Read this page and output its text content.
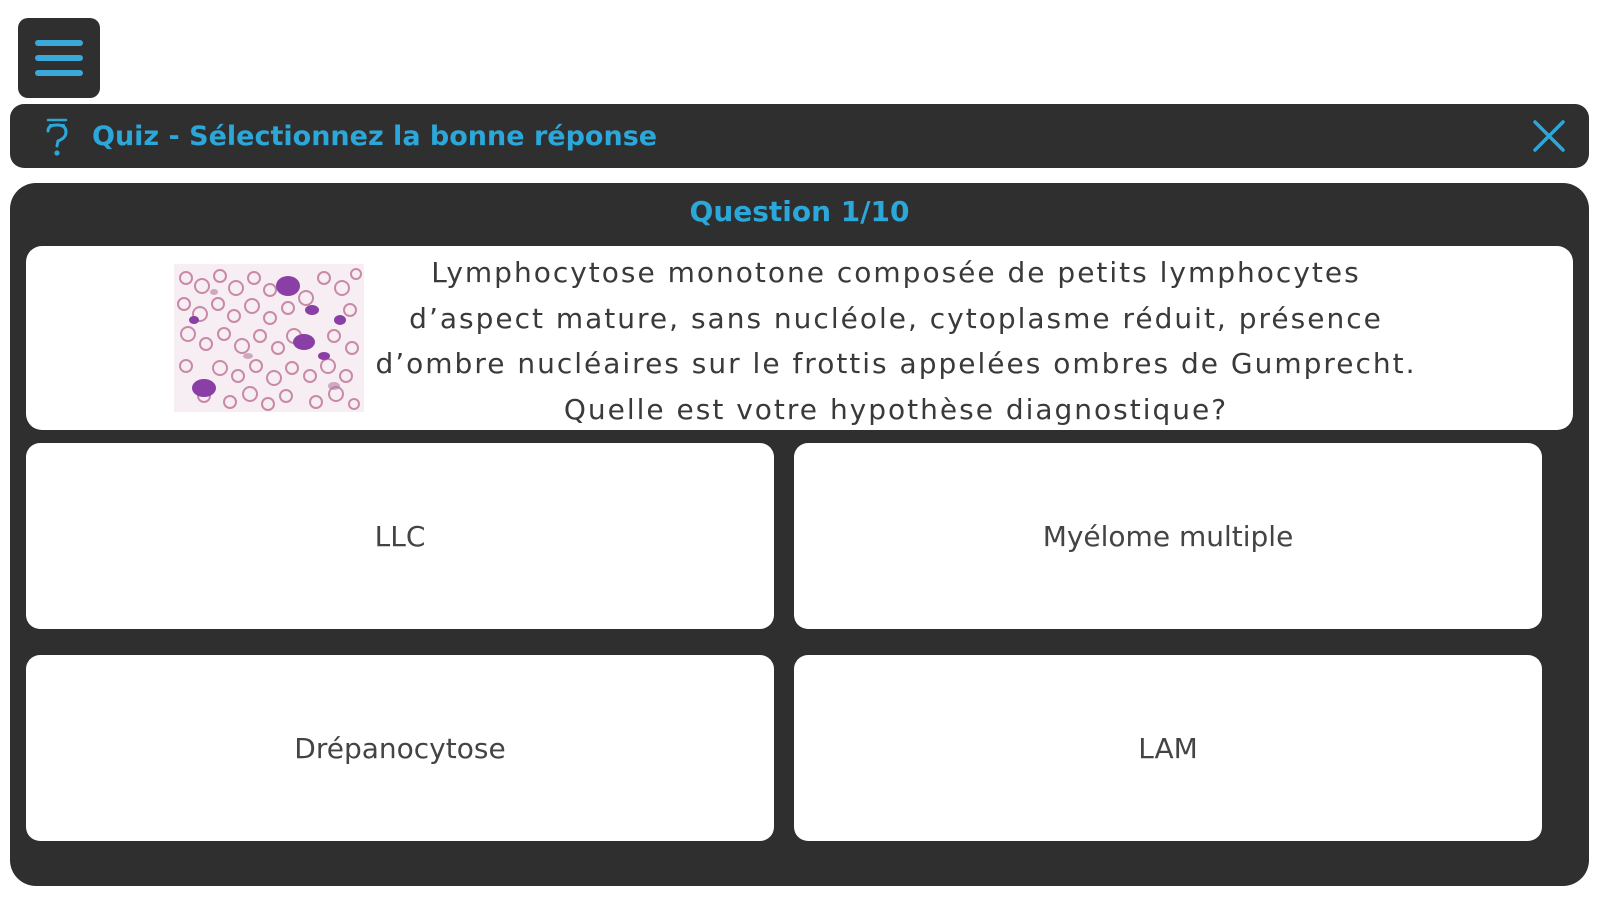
Quiz - Sélectionnez la bonne réponse
Question 1/10
Lymphocytose monotone composée de petits lymphocytes d’aspect mature, sans nucléole, cytoplasme réduit, présence d’ombre nucléaires sur le frottis appelées ombres de Gumprecht. Quelle est votre hypothèse diagnostique?
LLC	Myélome multiple
Drépanocytose	LAM
